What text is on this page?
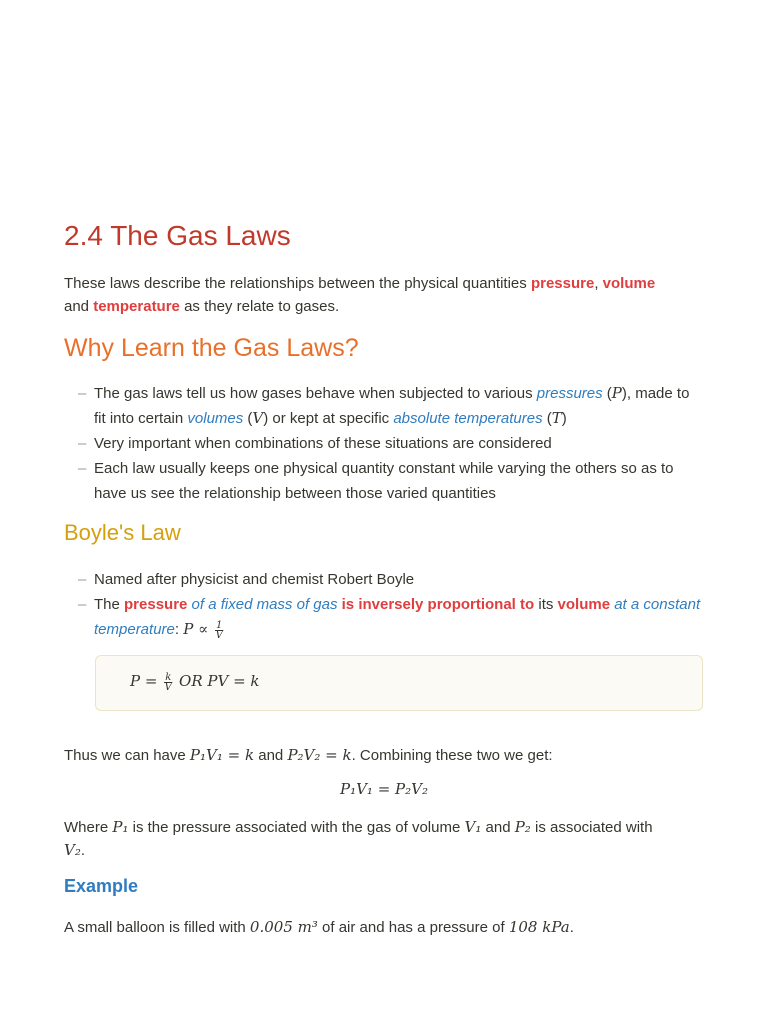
2.4 The Gas Laws

These laws describe the relationships between the physical quantities pressure, volume
and temperature as they relate to gases.

Why Learn the Gas Laws?
– The gas laws tell us how gases behave when subjected to various pressures (P), made to fit into certain volumes (V) or kept at specific absolute temperatures (T)
– Very important when combinations of these situations are considered
– Each law usually keeps one physical quantity constant while varying the others so as to have us see the relationship between those varied quantities
Boyle's Law
– Named after physicist and chemist Robert Boyle
– The pressure of a fixed mass of gas is inversely proportional to its volume at a constant temperature: $P \propto \frac{1}{V}$
$P = \frac{k}{V}$ OR PV = k

Thus we can have P₁V₁ = k and P₂V₂ = k. Combining these two we get:

P₁V₁ = P₂V₂

Where P₁ is the pressure associated with the gas of volume V₁ and P₂ is associated with
V₂.

Example

A small balloon is filled with 0.005 m³ of air and has a pressure of 108 kPa.
